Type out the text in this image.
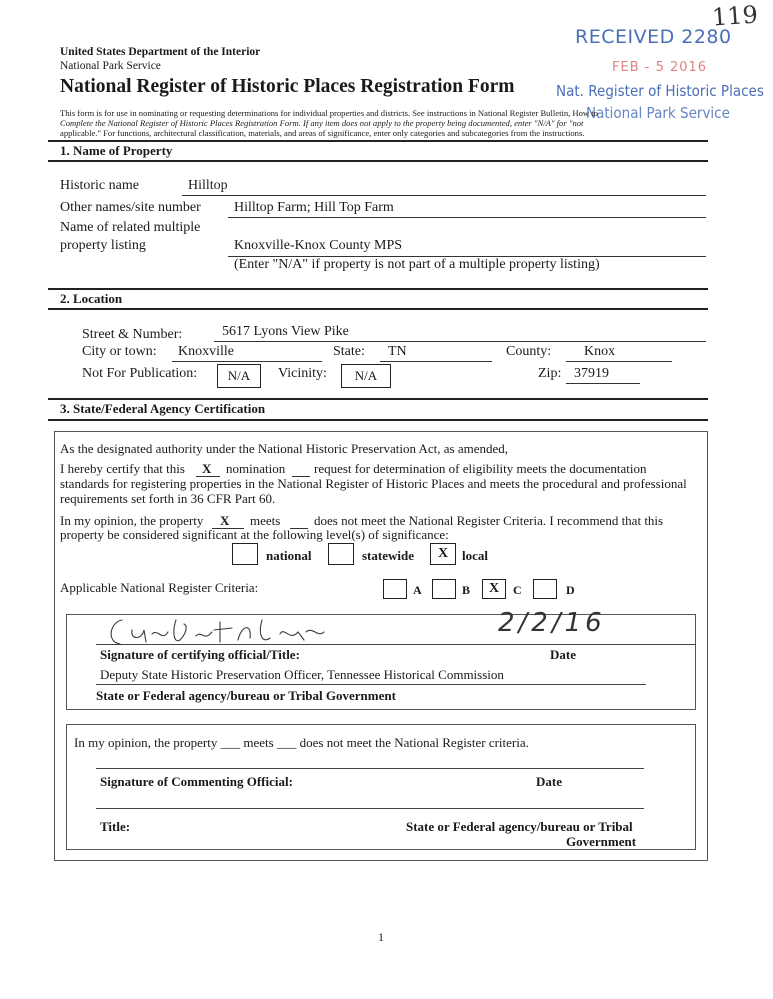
119
RECEIVED 2280
FEB - 5 2016
Nat. Register of Historic Places
National Park Service
United States Department of the Interior
National Park Service
National Register of Historic Places Registration Form
This form is for use in nominating or requesting determinations for individual properties and districts. See instructions in National Register Bulletin, How to
Complete the National Register of Historic Places Registration Form. If any item does not apply to the property being documented, enter "N/A" for "not
applicable." For functions, architectural classification, materials, and areas of significance, enter only categories and subcategories from the instructions.
1. Name of Property
Historic name	Hilltop
Other names/site number Hilltop Farm; Hill Top Farm
Name of related multiple
property listing	Knoxville-Knox County MPS
(Enter "N/A" if property is not part of a multiple property listing)
2. Location
Street & Number:	5617 Lyons View Pike
City or town: Knoxville	State: TN	County: Knox
Not For Publication:	N/A	Vicinity:	N/A	Zip: 37919
3. State/Federal Agency Certification
As the designated authority under the National Historic Preservation Act, as amended,
I hereby certify that this X nomination request for determination of eligibility meets the documentation
standards for registering properties in the National Register of Historic Places and meets the procedural and professional
requirements set forth in 36 CFR Part 60.
In my opinion, the property X meets	does not meet the National Register Criteria. I recommend that this
property be considered significant at the following level(s) of significance:
national	statewide	X	local
Applicable National Register Criteria:	A	B	X	C	D
2/2/16
Signature of certifying official/Title:	Date
Deputy State Historic Preservation Officer, Tennessee Historical Commission
State or Federal agency/bureau or Tribal Government
In my opinion, the property ___ meets ___ does not meet the National Register criteria.
Signature of Commenting Official:	Date
Title:	State or Federal agency/bureau or Tribal
Government
1
